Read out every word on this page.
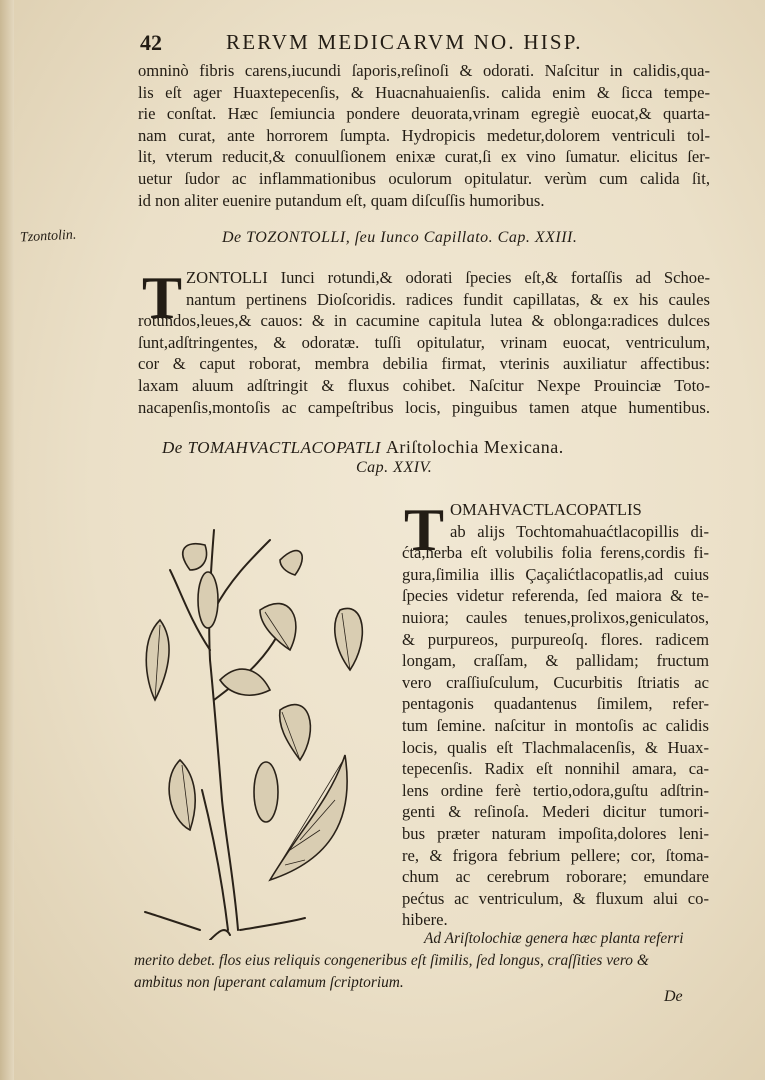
42	RERVM MEDICARVM NO. HISP.
omninò fibris carens,iucundi ſaporis,reſinoſi & odorati. Naſcitur in calidis,qua-
lis eſt ager Huaxtepecenſis, & Huacnahuaienſis. calida enim & ſicca tempe-
rie conſtat. Hæc ſemiuncia pondere deuorata,vrinam egregiè euocat,& quarta-
nam curat, ante horrorem ſumpta. Hydropicis medetur,dolorem ventriculi tol-
lit, vterum reducit,& conuulſionem enixæ curat,ſi ex vino ſumatur. elicitus ſer-
uetur ſudor ac inflammationibus oculorum opitulatur. verùm cum calida ſit,
id non aliter euenire putandum eſt, quam diſcuſſis humoribus.
Tzontolin.	De TOZONTOLLI, ſeu Iunco Capillato. Cap. XXIII.
T ZONTOLLI Iunci rotundi,& odorati ſpecies eſt,& fortaſſis ad Schoe-
nantum pertinens Dioſcoridis. radices fundit capillatas, & ex his caules
rotundos,leues,& cauos: & in cacumine capitula lutea & oblonga:radices dulces
ſunt,adſtringentes, & odoratæ. tuſſi opitulatur, vrinam euocat, ventriculum,
cor & caput roborat, membra debilia firmat, vterinis auxiliatur affectibus:
laxam aluum adſtringit & fluxus cohibet. Naſcitur Nexpe Prouinciæ Toto-
nacapenſis,montoſis ac campeſtribus locis, pinguibus tamen atque humentibus.
De TOMAHVACTLACOPATLI Ariſtolochia Mexicana.
Cap. XXIV.
T OMAHVACTLACOPATLIS
ab alijs Tochtomahuaćtlacopillis di-
ćta,herba eſt volubilis folia ferens,cordis fi-
gura,ſimilia illis Çaçalićtlacopatlis,ad cuius
ſpecies videtur referenda, ſed maiora & te-
nuiora; caules tenues,prolixos,geniculatos,
& purpureos, purpureoſq. flores. radicem
longam, craſſam, & pallidam; fructum
vero craſſiuſculum, Cucurbitis ſtriatis ac
pentagonis quadantenus ſimilem, refer-
tum ſemine. naſcitur in montoſis ac calidis
locis, qualis eſt Tlachmalacenſis, & Huax-
tepecenſis. Radix eſt nonnihil amara, ca-
lens ordine ferè tertio,odora,guſtu adſtrin-
genti & reſinoſa. Mederi dicitur tumori-
bus præter naturam impoſita,dolores leni-
re, & frigora febrium pellere; cor, ſtoma-
chum ac cerebrum roborare; emundare
pećtus ac ventriculum, & fluxum alui co-
hibere.
Ad Ariſtolochiæ genera hæc planta referri
merito debet. flos eius reliquis congeneribus eſt ſimilis, ſed longus, craſſities vero &
ambitus non ſuperant calamum ſcriptorium.
De
